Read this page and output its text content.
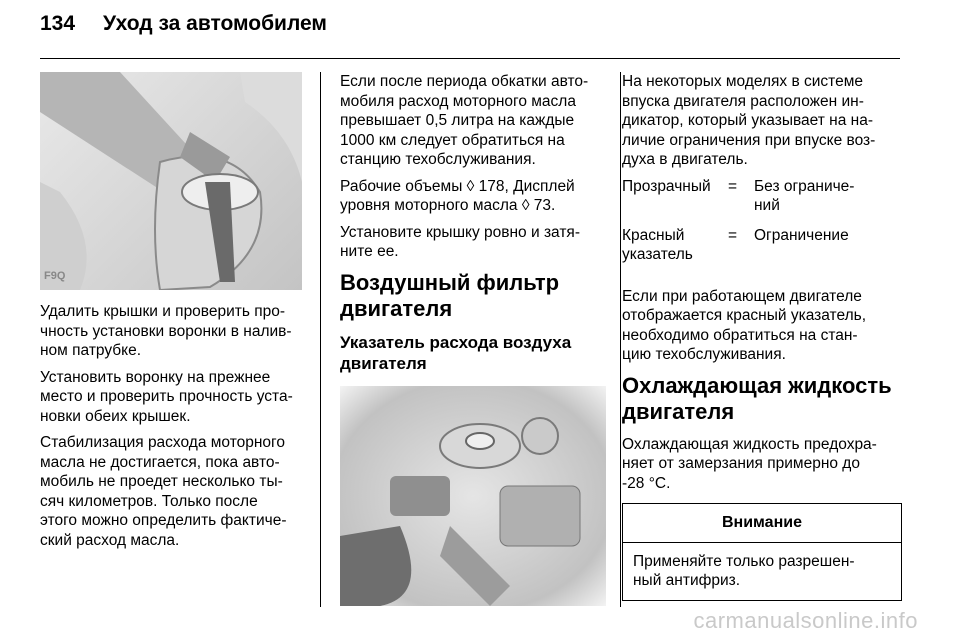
134 Уход за автомобилем
F9Q

Удалить крышки и проверить про-
чность установки воронки в налив-
ном патрубке.

Установить воронку на прежнее
место и проверить прочность уста-
новки обеих крышек.

Стабилизация расхода моторного
масла не достигается, пока авто-
мобиль не проедет несколько ты-
сяч километров. Только после
этого можно определить фактиче-
ский расход масла.

Если после периода обкатки авто-
мобиля расход моторного масла
превышает 0,5 литра на каждые
1000 км следует обратиться на
станцию техобслуживания.

Рабочие объемы ◊ 178, Дисплей
уровня моторного масла ◊ 73.

Установите крышку ровно и затя-
ните ее.

Воздушный фильтр
двигателя
Указатель расхода воздуха
двигателя

На некоторых моделях в системе
впуска двигателя расположен ин-
дикатор, который указывает на на-
личие ограничения при впуске воз-
духа в двигатель.

Прозрачный	=	Без ограниче-
ний
Красный
указатель	=	Ограничение

Если при работающем двигателе
отображается красный указатель,
необходимо обратиться на стан-
цию техобслуживания.

Охлаждающая жидкость
двигателя

Охлаждающая жидкость предохра-
няет от замерзания примерно до
-28 °C.

Внимание
Применяйте только разрешен-
ный антифриз.
carmanualsonline.info
